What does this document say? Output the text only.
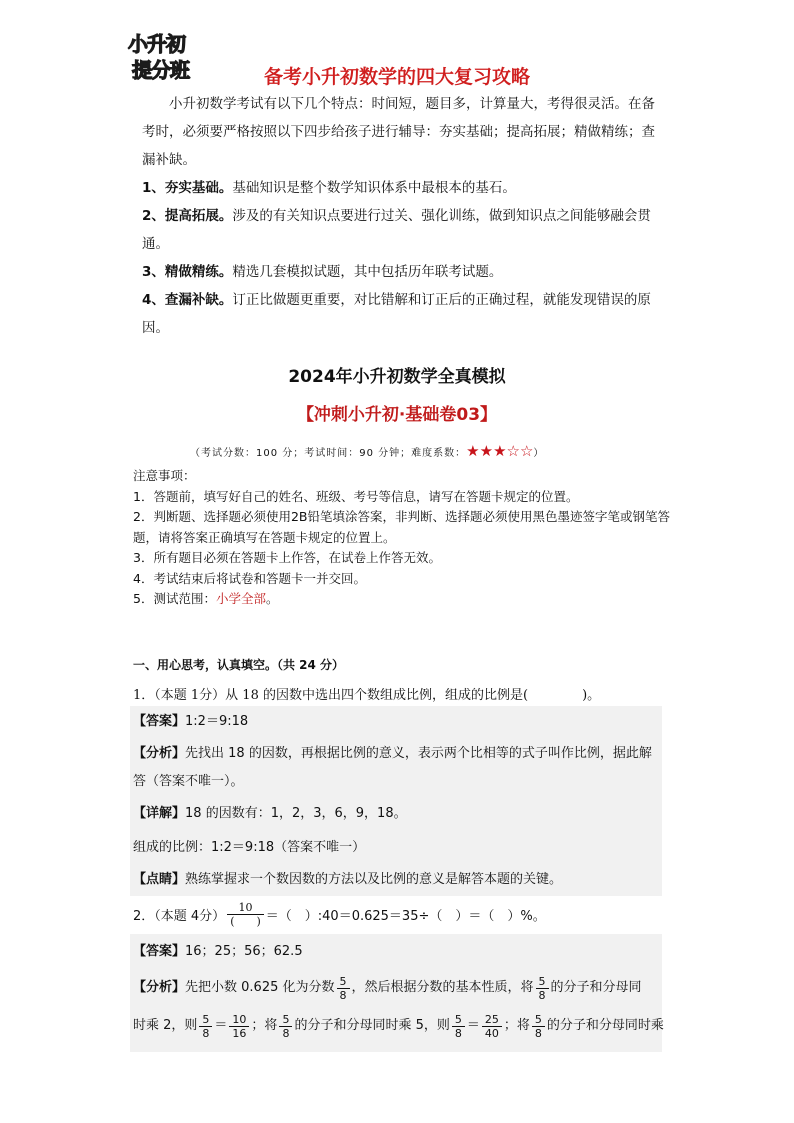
小升初
提分班	备考小升初数学的四大复习攻略
小升初数学考试有以下几个特点：时间短，题目多，计算量大，考得很灵活。在备考时，必须要严格按照以下四步给孩子进行辅导：夯实基础；提高拓展；精做精练；查漏补缺。
1、夯实基础。基础知识是整个数学知识体系中最根本的基石。
2、提高拓展。涉及的有关知识点要进行过关、强化训练，做到知识点之间能够融会贯通。
3、精做精练。精选几套模拟试题，其中包括历年联考试题。
4、查漏补缺。订正比做题更重要，对比错解和订正后的正确过程，就能发现错误的原因。
2024年小升初数学全真模拟
【冲刺小升初·基础卷03】
（考试分数：100 分；考试时间：90 分钟；难度系数：★★★☆☆）
注意事项：
1．答题前，填写好自己的姓名、班级、考号等信息，请写在答题卡规定的位置。
2．判断题、选择题必须使用2B铅笔填涂答案，非判断、选择题必须使用黑色墨迹签字笔或钢笔答题，请将答案正确填写在答题卡规定的位置上。
3．所有题目必须在答题卡上作答，在试卷上作答无效。
4．考试结束后将试卷和答题卡一并交回。
5．测试范围：小学全部。
一、用心思考，认真填空。（共 24 分）
1．（本题 1分）从 18 的因数中选出四个数组成比例，组成的比例是(	)。
【答案】1:2＝9:18
【分析】先找出 18 的因数，再根据比例的意义，表示两个比相等的式子叫作比例，据此解答（答案不唯一）。
【详解】18 的因数有：1，2，3，6，9，18。
组成的比例：1:2＝9:18（答案不唯一）
【点睛】熟练掌握求一个数因数的方法以及比例的意义是解答本题的关键。
2．（本题 4分） $\frac{10}{( )}$ ＝（　）:40＝0.625＝35÷（　）＝（　）%。
【答案】16；25；56；62.5
【分析】 先把小数 0.625 化为分数 $\frac{5}{8}$ ，然后根据分数的基本性质，将 $\frac{5}{8}$ 的分子和分母同
时乘 2，则 $\frac{5}{8} = \frac{10}{16}$ ；将 $\frac{5}{8}$ 的分子和分母同时乘 5，则 $\frac{5}{8} = \frac{25}{40}$ ；将 $\frac{5}{8}$ 的分子和分母同时乘
